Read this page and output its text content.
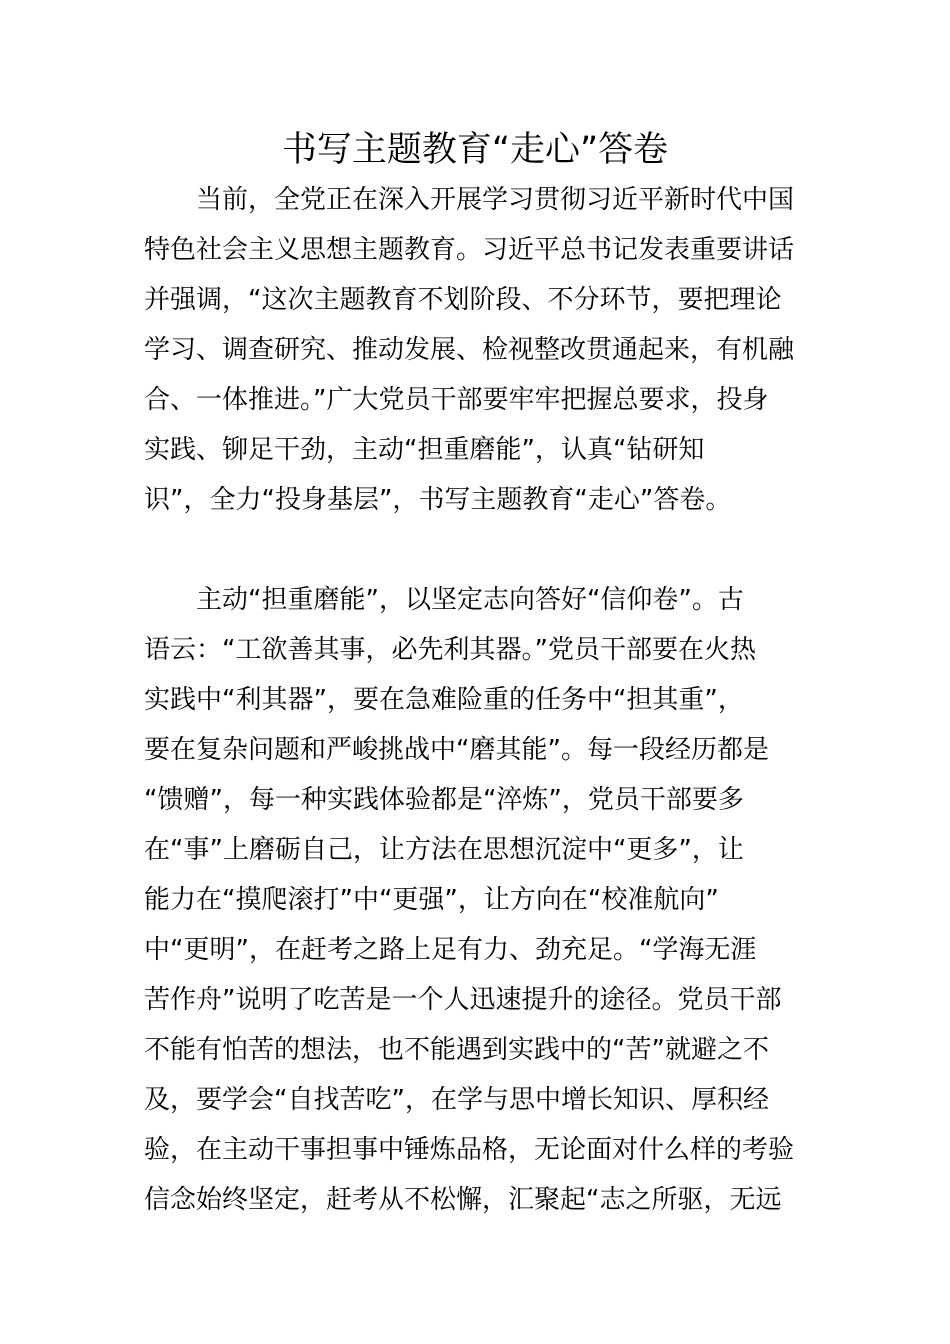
书写主题教育“走心”答卷
当前，全党正在深入开展学习贯彻习近平新时代中国
特色社会主义思想主题教育。习近平总书记发表重要讲话
并强调，“这次主题教育不划阶段、不分环节，要把理论
学习、调查研究、推动发展、检视整改贯通起来，有机融
合、一体推进。”广大党员干部要牢牢把握总要求，投身
实践、铆足干劲，主动“担重磨能”，认真“钻研知
识”，全力“投身基层”，书写主题教育“走心”答卷。
主动“担重磨能”，以坚定志向答好“信仰卷”。古
语云：“工欲善其事，必先利其器。”党员干部要在火热
实践中“利其器”，要在急难险重的任务中“担其重”，
要在复杂问题和严峻挑战中“磨其能”。每一段经历都是
“馈赠”，每一种实践体验都是“淬炼”，党员干部要多
在“事”上磨砺自己，让方法在思想沉淀中“更多”，让
能力在“摸爬滚打”中“更强”，让方向在“校准航向”
中“更明”，在赶考之路上足有力、劲充足。“学海无涯
苦作舟”说明了吃苦是一个人迅速提升的途径。党员干部
不能有怕苦的想法，也不能遇到实践中的“苦”就避之不
及，要学会“自找苦吃”，在学与思中增长知识、厚积经
验，在主动干事担事中锤炼品格，无论面对什么样的考验
信念始终坚定，赶考从不松懈，汇聚起“志之所驱，无远
